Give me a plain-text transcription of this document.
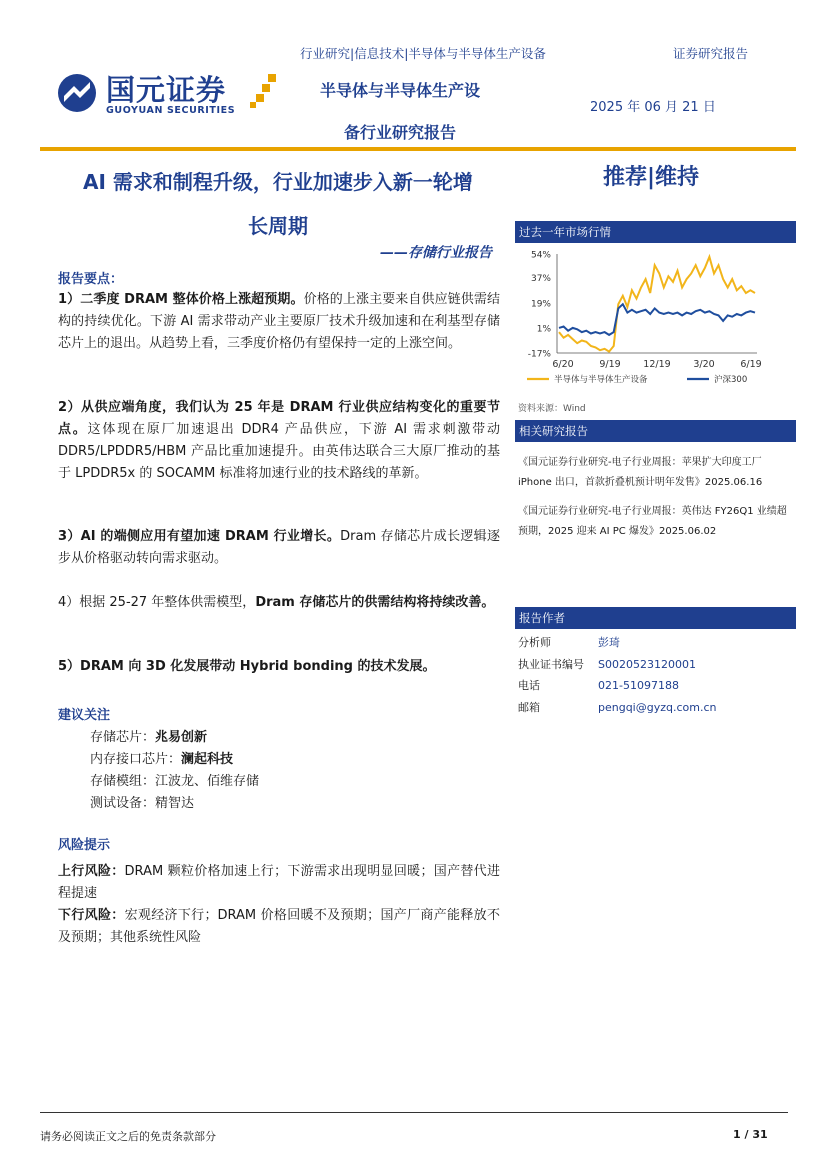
行业研究|信息技术|半导体与半导体生产设备	证券研究报告
国元证券
GUOYUAN SECURITIES
半导体与半导体生产设
备行业研究报告
2025 年 06 月 21 日
AI 需求和制程升级，行业加速步入新一轮增
长周期
——存储行业报告
推荐|维持
报告要点：
1）二季度 DRAM 整体价格上涨超预期。价格的上涨主要来自供应链供需结构的持续优化。下游 AI 需求带动产业主要原厂技术升级加速和在利基型存储芯片上的退出。从趋势上看，三季度价格仍有望保持一定的上涨空间。
2）从供应端角度，我们认为 25 年是 DRAM 行业供应结构变化的重要节点。这体现在原厂加速退出 DDR4 产品供应，下游 AI 需求刺激带动 DDR5/LPDDR5/HBM 产品比重加速提升。由英伟达联合三大原厂推动的基于 LPDDR5x 的 SOCAMM 标准将加速行业的技术路线的革新。
3）AI 的端侧应用有望加速 DRAM 行业增长。Dram 存储芯片成长逻辑逐步从价格驱动转向需求驱动。
4）根据 25-27 年整体供需模型，Dram 存储芯片的供需结构将持续改善。
5）DRAM 向 3D 化发展带动 Hybrid bonding 的技术发展。
建议关注
存储芯片：兆易创新
内存接口芯片：澜起科技
存储模组：江波龙、佰维存储
测试设备：精智达
风险提示
上行风险：DRAM 颗粒价格加速上行；下游需求出现明显回暖；国产替代进程提速
下行风险：宏观经济下行；DRAM 价格回暖不及预期；国产厂商产能释放不及预期；其他系统性风险
过去一年市场行情
54%
37%
19%
1%
-17%
6/20	9/19 12/19 3/20	6/19
半导体与半导体生产设备	沪深300
资料来源：Wind
相关研究报告
《国元证券行业研究-电子行业周报：苹果扩大印度工厂
iPhone 出口，首款折叠机预计明年发售》2025.06.16
《国元证券行业研究-电子行业周报：英伟达 FY26Q1 业绩超
预期，2025 迎来 AI PC 爆发》2025.06.02
报告作者
分析师	彭琦
执业证书编号 S0020523120001
电话	021-51097188
邮箱	pengqi@gyzq.com.cn
请务必阅读正文之后的免责条款部分	1 / 31
